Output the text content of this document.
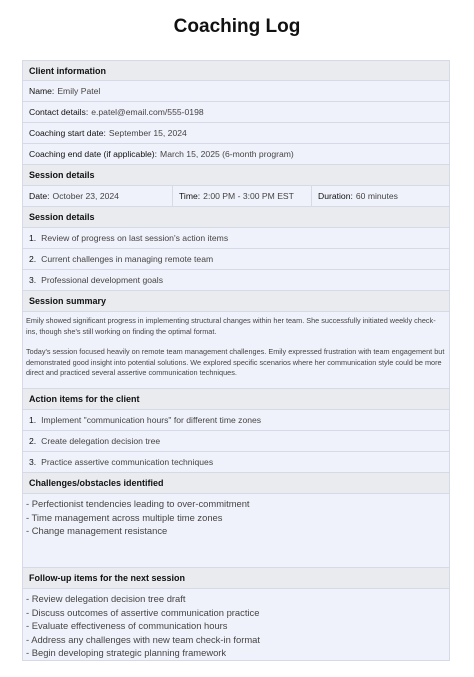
Coaching Log
Client information
Name: Emily Patel
Contact details: e.patel@email.com/555-0198
Coaching start date: September 15, 2024
Coaching end date (if applicable): March 15, 2025 (6-month program)
Session details
Date: October 23, 2024	Time: 2:00 PM - 3:00 PM EST	Duration: 60 minutes
Session details
1. Review of progress on last session's action items
2. Current challenges in managing remote team
3. Professional development goals
Session summary

Emily showed significant progress in implementing structural changes within her team. She successfully initiated weekly check-ins, though she's still working on finding the optimal format.

Today's session focused heavily on remote team management challenges. Emily expressed frustration with team engagement but demonstrated good insight into potential solutions. We explored specific scenarios where her communication style could be more direct and practiced several assertive communication techniques.

Action items for the client
1. Implement "communication hours" for different time zones
2. Create delegation decision tree
3. Practice assertive communication techniques
Challenges/obstacles identified
- Perfectionist tendencies leading to over-commitment
- Time management across multiple time zones
- Change management resistance
Follow-up items for the next session
- Review delegation decision tree draft
- Discuss outcomes of assertive communication practice
- Evaluate effectiveness of communication hours
- Address any challenges with new team check-in format
- Begin developing strategic planning framework
